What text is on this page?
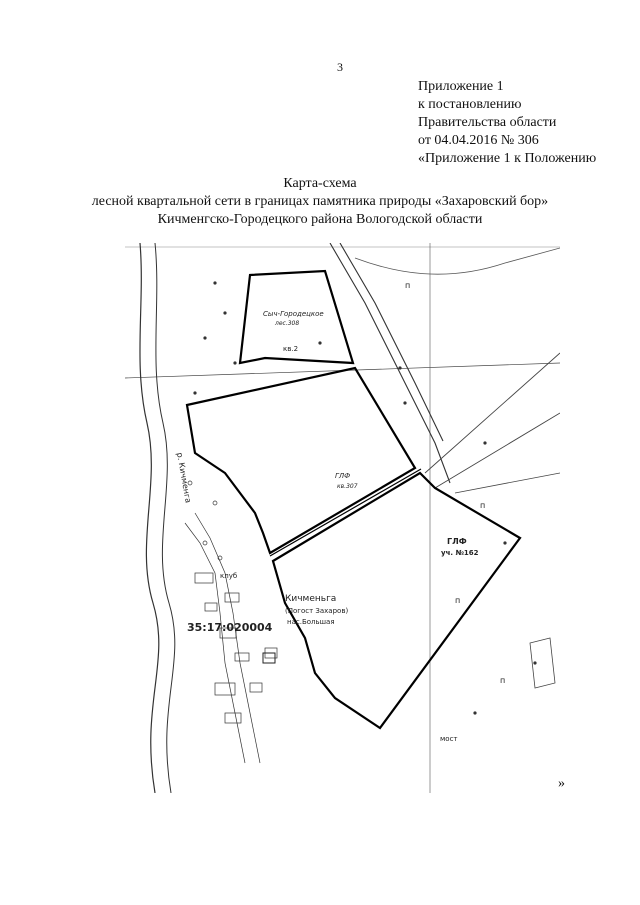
3
Приложение 1
к постановлению
Правительства области
от 04.04.2016 № 306
«Приложение 1 к Положению
Карта-схема
лесной квартальной сети в границах памятника природы «Захаровский бор»
Кичменгско-Городецкого района Вологодской области
р. Кичменга
Сыч-Городецкое
лес.308
кв.2
ГЛФ
кв.307
ГЛФ
уч. №162
Кичменьга
(Погост Захаров)
нас.Большая
35:17:020004
клуб
мост
п
п
п
п
»
